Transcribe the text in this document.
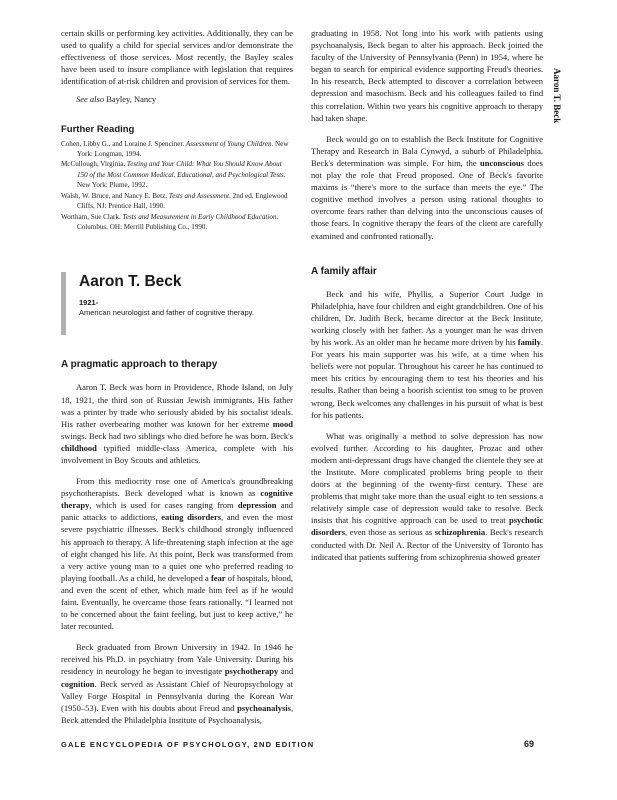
Aaron T. Beck

certain skills or performing key activities. Additionally, they can be used to qualify a child for special services and/or demonstrate the effectiveness of those services. Most recently, the Bayley scales have been used to insure compliance with legislation that requires identification of at-risk children and provision of services for them.

See also Bayley, Nancy

Further Reading

Cohen, Libby G., and Loraine J. Spenciner. Assessment of Young Children. New York: Longman, 1994.

McCullough, Virginia. Testing and Your Child: What You Should Know About 150 of the Most Common Medical, Educational, and Psychological Tests. New York: Plume, 1992.

Walsh, W. Bruce, and Nancy E. Betz. Tests and Assessment. 2nd ed. Englewood Cliffs, NJ: Prentice Hall, 1990.

Wortham, Sue Clark. Tests and Measurement in Early Childhood Education. Columbus, OH: Merrill Publishing Co., 1990.

Aaron T. Beck
1921-
American neurologist and father of cognitive therapy.
A pragmatic approach to therapy

Aaron T. Beck was born in Providence, Rhode Island, on July 18, 1921, the third son of Russian Jewish immigrants. His father was a printer by trade who seriously abided by his socialist ideals. His rather overbearing mother was known for her extreme mood swings. Beck had two siblings who died before he was born. Beck's childhood typified middle-class America, complete with his involvement in Boy Scouts and athletics.

From this mediocrity rose one of America's groundbreaking psychotherapists. Beck developed what is known as cognitive therapy, which is used for cases ranging from depression and panic attacks to addictions, eating disorders, and even the most severe psychiatric illnesses. Beck's childhood strongly influenced his approach to therapy. A life-threatening staph infection at the age of eight changed his life. At this point, Beck was transformed from a very active young man to a quiet one who preferred reading to playing football. As a child, he developed a fear of hospitals, blood, and even the scent of ether, which made him feel as if he would faint. Eventually, he overcame those fears rationally. “I learned not to be concerned about the faint feeling, but just to keep active,” he later recounted.

Beck graduated from Brown University in 1942. In 1946 he received his Ph.D. in psychiatry from Yale University. During his residency in neurology he began to investigate psychotherapy and cognition. Beck served as Assistant Chief of Neuropsychology at Valley Forge Hospital in Pennsylvania during the Korean War (1950–53). Even with his doubts about Freud and psychoanalysis, Beck attended the Philadelphia Institute of Psychoanalysis,

graduating in 1958. Not long into his work with patients using psychoanalysis, Beck began to alter his approach. Beck joined the faculty of the University of Pennsylvania (Penn) in 1954, where he began to search for empirical evidence supporting Freud's theories. In his research, Beck attempted to discover a correlation between depression and masochism. Beck and his colleagues failed to find this correlation. Within two years his cognitive approach to therapy had taken shape.

Beck would go on to establish the Beck Institute for Cognitive Therapy and Research in Bala Cynwyd, a suburb of Philadelphia. Beck's determination was simple. For him, the unconscious does not play the role that Freud proposed. One of Beck's favorite maxims is “there's more to the surface than meets the eye.” The cognitive method involves a person using rational thoughts to overcome fears rather than delving into the unconscious causes of those fears. In cognitive therapy the fears of the client are carefully examined and confronted rationally.

A family affair

Beck and his wife, Phyllis, a Superior Court Judge in Philadelphia, have four children and eight grandchildren. One of his children, Dr. Judith Beck, became director at the Beck Institute, working closely with her father. As a younger man he was driven by his work. As an older man he became more driven by his family. For years his main supporter was his wife, at a time when his beliefs were not popular. Throughout his career he has continued to meet his critics by encouraging them to test his theories and his results. Rather than being a boorish scientist too smug to be proven wrong, Beck welcomes any challenges in his pursuit of what is best for his patients.

What was originally a method to solve depression has now evolved further. According to his daughter, Prozac and other modern anti-depressant drugs have changed the clientele they see at the Institute. More complicated problems bring people to their doors at the beginning of the twenty-first century. These are problems that might take more than the usual eight to ten sessions a relatively simple case of depression would take to resolve. Beck insists that his cognitive approach can be used to treat psychotic disorders, even those as serious as schizophrenia. Beck's research conducted with Dr. Neil A. Rector of the University of Toronto has indicated that patients suffering from schizophrenia showed greater

GALE ENCYCLOPEDIA OF PSYCHOLOGY, 2ND EDITION	69
